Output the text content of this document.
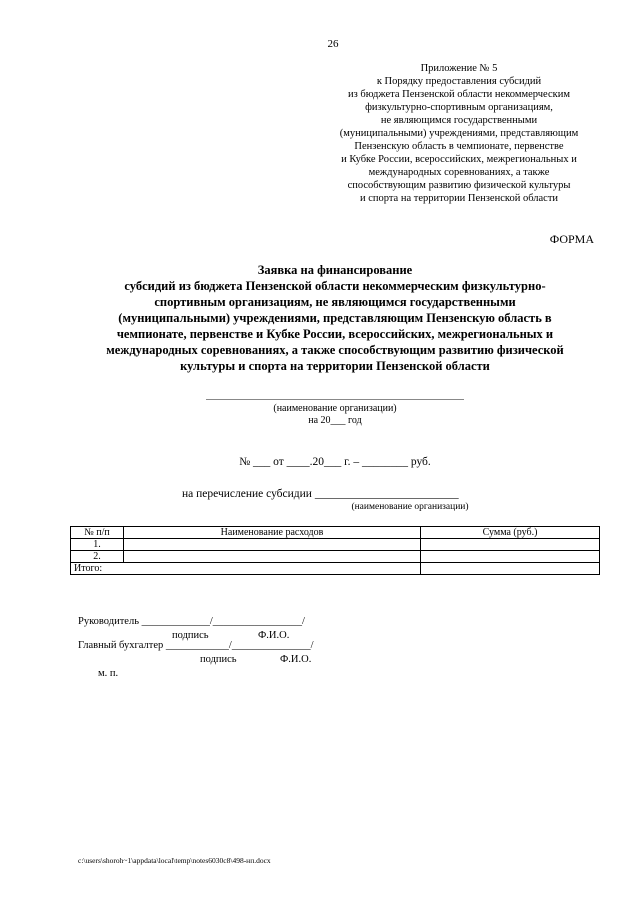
26
Приложение № 5
к Порядку предоставления субсидий
из бюджета Пензенской области некоммерческим
физкультурно-спортивным организациям,
не являющимся государственными
(муниципальными) учреждениями, представляющим
Пензенскую область в чемпионате, первенстве
и Кубке России, всероссийских, межрегиональных и
международных соревнованиях, а также
способствующим развитию физической культуры
и спорта на территории Пензенской области
ФОРМА
Заявка на финансирование
субсидий из бюджета Пензенской области некоммерческим физкультурно-
спортивным организациям, не являющимся государственными
(муниципальными) учреждениями, представляющим Пензенскую область в
чемпионате, первенстве и Кубке России, всероссийских, межрегиональных и
международных соревнованиях, а также способствующим развитию физической
культуры и спорта на территории Пензенской области
(наименование организации)
на 20___ год
№ ___ от ____.20___ г. – ________ руб.
на перечисление субсидии _________________________
(наименование организации)
№ п/п	Наименование расходов	Сумма (руб.)
1.		
2.		
Итого:		
Руководитель _____________/_________________/
подпись	Ф.И.О.
Главный бухгалтер ____________/_______________/
подпись	Ф.И.О.
м. п.
c:\users\shoroh~1\appdata\local\temp\notes6030c8\498-нп.docx
